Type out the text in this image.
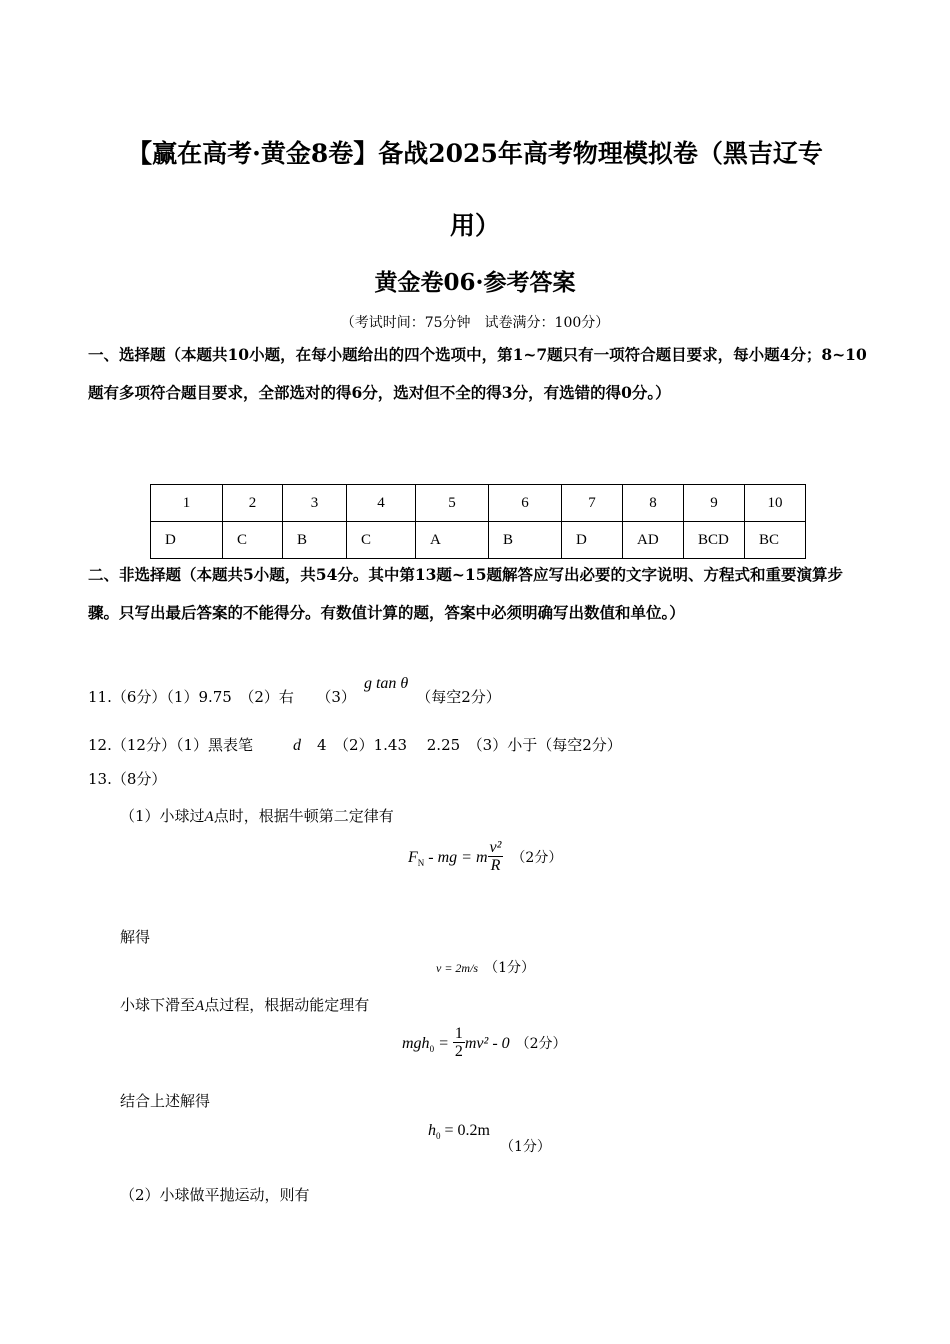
【赢在高考·黄金8卷】备战2025年高考物理模拟卷（黑吉辽专
用）
黄金卷06·参考答案
（考试时间：75分钟　试卷满分：100分）
一、选择题（本题共10小题，在每小题给出的四个选项中，第1~7题只有一项符合题目要求，每小题4分；8~10题有多项符合题目要求，全部选对的得6分，选对但不全的得3分，有选错的得0分。）
1	2	3	4	5	6	7	8	9	10
D	C	B	C	A	B	D	AD	BCD	BC
二、非选择题（本题共5小题，共54分。其中第13题~15题解答应写出必要的文字说明、方程式和重要演算步骤。只写出最后答案的不能得分。有数值计算的题，答案中必须明确写出数值和单位。）
11.（6分）（1）9.75　（2）右　　（3）g tan θ（每空2分）
12.（12分）（1）黑表笔	d 4　（2）1.43　 2.25　（3）小于（每空2分）
13.（8分）
（1）小球过A点时，根据牛顿第二定律有
$F_N$ - mg = m $\frac{\text{v²}}{R} (2$分）
解得
v = 2m/s （1分）
小球下滑至A点过程，根据动能定理有
$mgh_0 = \frac{1}{2} mv^2 - 0$ （2分）
结合上述解得
$h_0 = 0.2m$
（1分）
（2）小球做平抛运动，则有
